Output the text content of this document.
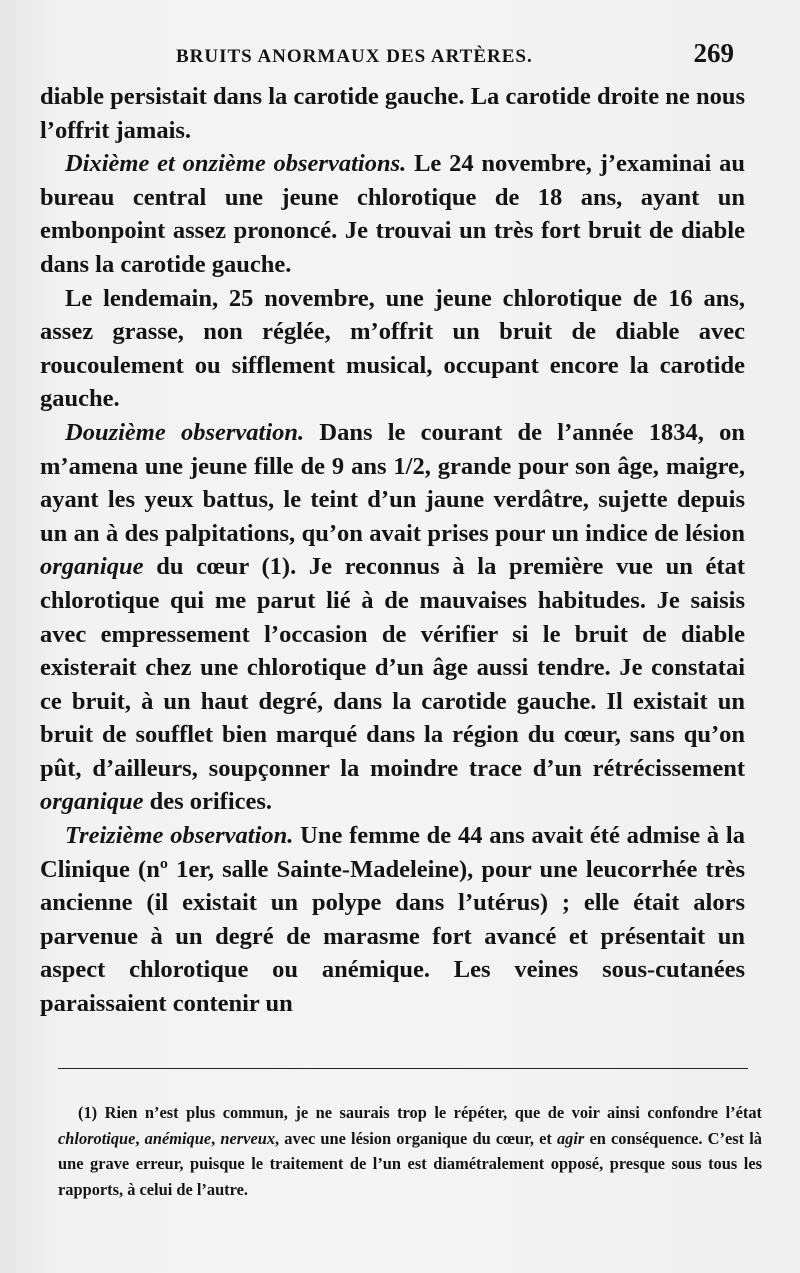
BRUITS ANORMAUX DES ARTÈRES.	269

diable persistait dans la carotide gauche. La carotide droite ne nous l’offrit jamais.

Dixième et onzième observations. Le 24 novembre, j’examinai au bureau central une jeune chlorotique de 18 ans, ayant un embonpoint assez prononcé. Je trouvai un très fort bruit de diable dans la carotide gauche.

Le lendemain, 25 novembre, une jeune chlorotique de 16 ans, assez grasse, non réglée, m’offrit un bruit de diable avec roucoulement ou sifflement musical, occupant encore la carotide gauche.

Douzième observation. Dans le courant de l’année 1834, on m’amena une jeune fille de 9 ans 1/2, grande pour son âge, maigre, ayant les yeux battus, le teint d’un jaune verdâtre, sujette depuis un an à des palpitations, qu’on avait prises pour un indice de lésion organique du cœur (1). Je reconnus à la première vue un état chlorotique qui me parut lié à de mauvaises habitudes. Je saisis avec empressement l’occasion de vérifier si le bruit de diable existerait chez une chlorotique d’un âge aussi tendre. Je constatai ce bruit, à un haut degré, dans la carotide gauche. Il existait un bruit de soufflet bien marqué dans la région du cœur, sans qu’on pût, d’ailleurs, soupçonner la moindre trace d’un rétrécissement organique des orifices.

Treizième observation. Une femme de 44 ans avait été admise à la Clinique (nº 1er, salle Sainte-Madeleine), pour une leucorrhée très ancienne (il existait un polype dans l’utérus) ; elle était alors parvenue à un degré de marasme fort avancé et présentait un aspect chlorotique ou anémique. Les veines sous-cutanées paraissaient contenir un

(1) Rien n’est plus commun, je ne saurais trop le répéter, que de voir ainsi confondre l’état chlorotique, anémique, nerveux, avec une lésion organique du cœur, et agir en conséquence. C’est là une grave erreur, puisque le traitement de l’un est diamétralement opposé, presque sous tous les rapports, à celui de l’autre.
